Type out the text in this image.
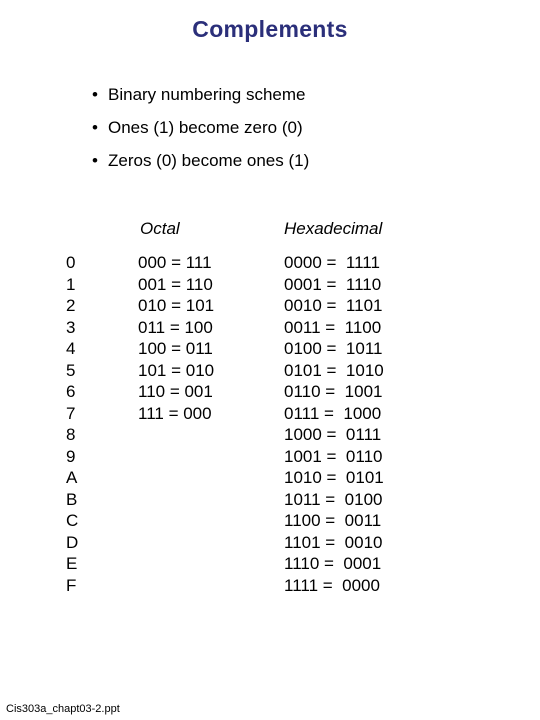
Complements
• Binary numbering scheme
• Ones (1) become zero (0)
• Zeros (0) become ones (1)
Octal	Hexadecimal
0
1
2
3
4
5
6
7
8
9
A
B
C
D
E
F
000 = 111
001 = 110
010 = 101
011 = 100
100 = 011
101 = 010
110 = 001
111 = 000
0000 =  1111
0001 =  1110
0010 =  1101
0011 =  1100
0100 =  1011
0101 =  1010
0110 =  1001
0111 =  1000
1000 =  0111
1001 =  0110
1010 =  0101
1011 =  0100
1100 =  0011
1101 =  0010
1110 =  0001
1111 =  0000
Cis303a_chapt03-2.ppt
